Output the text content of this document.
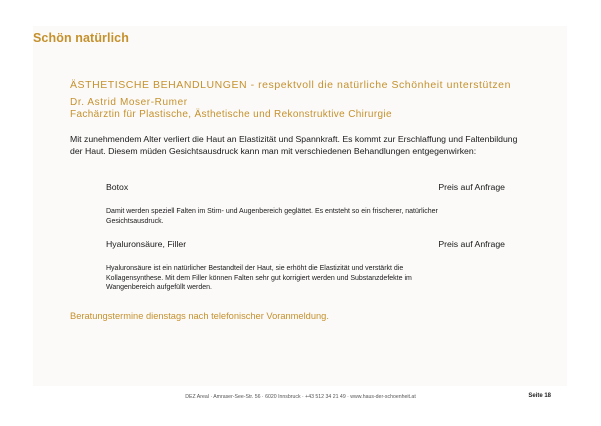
Schön natürlich
ÄSTHETISCHE BEHANDLUNGEN - respektvoll die natürliche Schönheit unterstützen
Dr. Astrid Moser-Rumer
Fachärztin für Plastische, Ästhetische und Rekonstruktive Chirurgie
Mit zunehmendem Alter verliert die Haut an Elastizität und Spannkraft. Es kommt zur Erschlaffung und Faltenbildung der Haut. Diesem müden Gesichtsausdruck kann man mit verschiedenen Behandlungen entgegenwirken:
Botox	Preis auf Anfrage
Damit werden speziell Falten im Stirn- und Augenbereich geglättet. Es entsteht so ein frischerer, natürlicher Gesichtsausdruck.
Hyaluronsäure, Filler	Preis auf Anfrage
Hyaluronsäure ist ein natürlicher Bestandteil der Haut, sie erhöht die Elastizität und verstärkt die Kollagensynthese. Mit dem Filler können Falten sehr gut korrigiert werden und Substanzdefekte im Wangenbereich aufgefüllt werden.
Beratungstermine dienstags nach telefonischer Voranmeldung.
DEZ Areal · Amraser-See-Str. 56 · 6020 Innsbruck · +43 512 34 21 49 · www.haus-der-schoenheit.at	Seite 18
